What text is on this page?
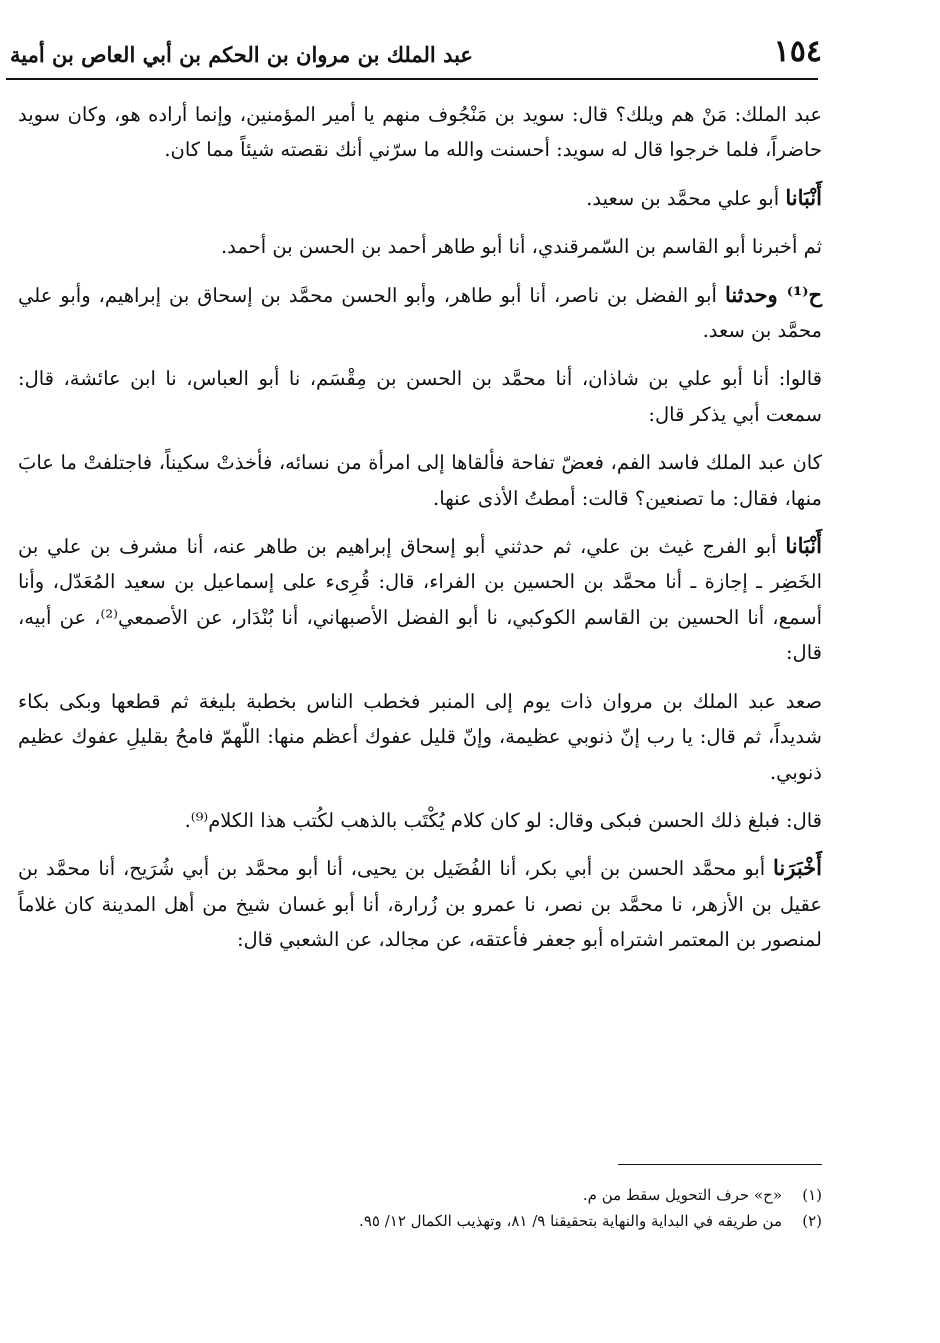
١٥٤
عبد الملك بن مروان بن الحكم بن أبي العاص بن أمية

عبد الملك: مَنْ هم ويلك؟ قال: سويد بن مَنْجُوف منهم يا أمير المؤمنين، وإنما أراده هو، وكان سويد حاضراً، فلما خرجوا قال له سويد: أحسنت والله ما سرّني أنك نقصته شيئاً مما كان.

أَنْبَانا أبو علي محمَّد بن سعيد.

ثم أخبرنا أبو القاسم بن السّمرقندي، أنا أبو طاهر أحمد بن الحسن بن أحمد.

ح⁽¹⁾ وحدثنا أبو الفضل بن ناصر، أنا أبو طاهر، وأبو الحسن محمَّد بن إسحاق بن إبراهيم، وأبو علي محمَّد بن سعد.

قالوا: أنا أبو علي بن شاذان، أنا محمَّد بن الحسن بن مِقْسَم، نا أبو العباس، نا ابن عائشة، قال: سمعت أبي يذكر قال:

كان عبد الملك فاسد الفم، فعضّ تفاحة فألقاها إلى امرأة من نسائه، فأخذتْ سكيناً، فاجتلفتْ ما عابَ منها، فقال: ما تصنعين؟ قالت: أمطتُ الأذى عنها.

أَنْبَانا أبو الفرج غيث بن علي، ثم حدثني أبو إسحاق إبراهيم بن طاهر عنه، أنا مشرف بن علي بن الخَضِر ـ إجازة ـ أنا محمَّد بن الحسين بن الفراء، قال: قُرِىء على إسماعيل بن سعيد المُعَدّل، وأنا أسمع، أنا الحسين بن القاسم الكوكبي، نا أبو الفضل الأصبهاني، أنا بُنْدَار، عن الأصمعي⁽²⁾، عن أبيه، قال:

صعد عبد الملك بن مروان ذات يوم إلى المنبر فخطب الناس بخطبة بليغة ثم قطعها وبكى بكاء شديداً، ثم قال: يا رب إنّ ذنوبي عظيمة، وإنّ قليل عفوك أعظم منها: اللّهمّ فامحُ بقليلِ عفوك عظيم ذنوبي.

قال: فبلغ ذلك الحسن فبكى وقال: لو كان كلام يُكْتَب بالذهب لكُتب هذا الكلام⁽⁹⁾.

أَخْبَرَنا أبو محمَّد الحسن بن أبي بكر، أنا الفُضَيل بن يحيى، أنا أبو محمَّد بن أبي شُرَيح، أنا محمَّد بن عقيل بن الأزهر، نا محمَّد بن نصر، نا عمرو بن زُرارة، أنا أبو غسان شيخ من أهل المدينة كان غلاماً لمنصور بن المعتمر اشتراه أبو جعفر فأعتقه، عن مجالد، عن الشعبي قال:

(١)
«ح» حرف التحويل سقط من م.

(٢)
من طريقه في البداية والنهاية بتحقيقنا ٩/ ٨١، وتهذيب الكمال ١٢/ ٩٥.
